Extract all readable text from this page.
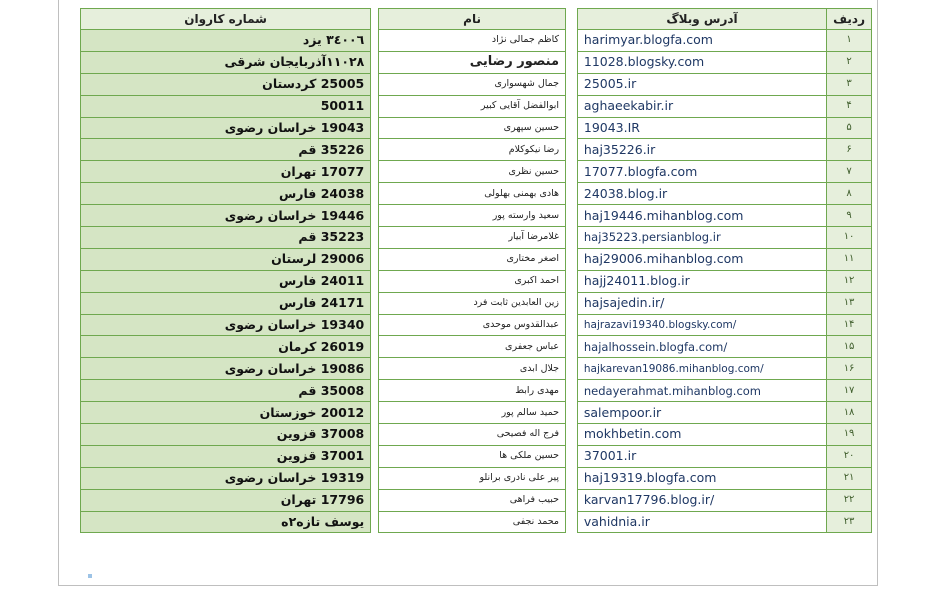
ردیف	آدرس وبلاگ		نام		شماره کاروان
۱	harimyar.blogfa.com		کاظم جمالی نژاد		۳٤۰۰٦ یزد
۲	11028.blogsky.com		منصور رضایی		۱۱۰۲۸آذربایجان شرقی
۳	25005.ir		جمال شهسواری		25005 کردستان
۴	aghaeekabir.ir		ابوالفضل آقایی کبیر		50011
۵	19043.IR		حسین سپهری		19043 خراسان رضوی
۶	haj35226.ir		رضا نیکوکلام		35226 قم
۷	17077.blogfa.com		حسین نظری		17077 تهران
۸	24038.blog.ir		هادی بهمنی بهلولی		24038 فارس
۹	haj19446.mihanblog.com		سعید وارسته پور		19446 خراسان رضوی
۱۰	haj35223.persianblog.ir		غلامرضا آبیار		35223 قم
۱۱	haj29006.mihanblog.com		اصغر مختاری		29006 لرستان
۱۲	hajj24011.blog.ir		احمد اکبری		24011 فارس
۱۳	hajsajedin.ir/		زین العابدین ثابت فرد		24171 فارس
۱۴	hajrazavi19340.blogsky.com/		عبدالقدوس موحدی		19340 خراسان رضوی
۱۵	hajalhossein.blogfa.com/		عباس جعفری		26019 کرمان
۱۶	hajkarevan19086.mihanblog.com/		جلال ابدی		19086 خراسان رضوی
۱۷	nedayerahmat.mihanblog.com		مهدی رابط		35008 قم
۱۸	salempoor.ir		حمید سالم پور		20012 خوزستان
۱۹	mokhbetin.com		فرج اله فصیحی		37008 قزوین
۲۰	37001.ir		حسین ملکی ها		37001 قزوین
۲۱	haj19319.blogfa.com		پیر علی نادری برانلو		19319 خراسان رضوی
۲۲	karvan17796.blog.ir/		حبیب فراهی		17796 تهران
۲۳	vahidnia.ir		محمد نجفی		یوسف تازه۲ه
